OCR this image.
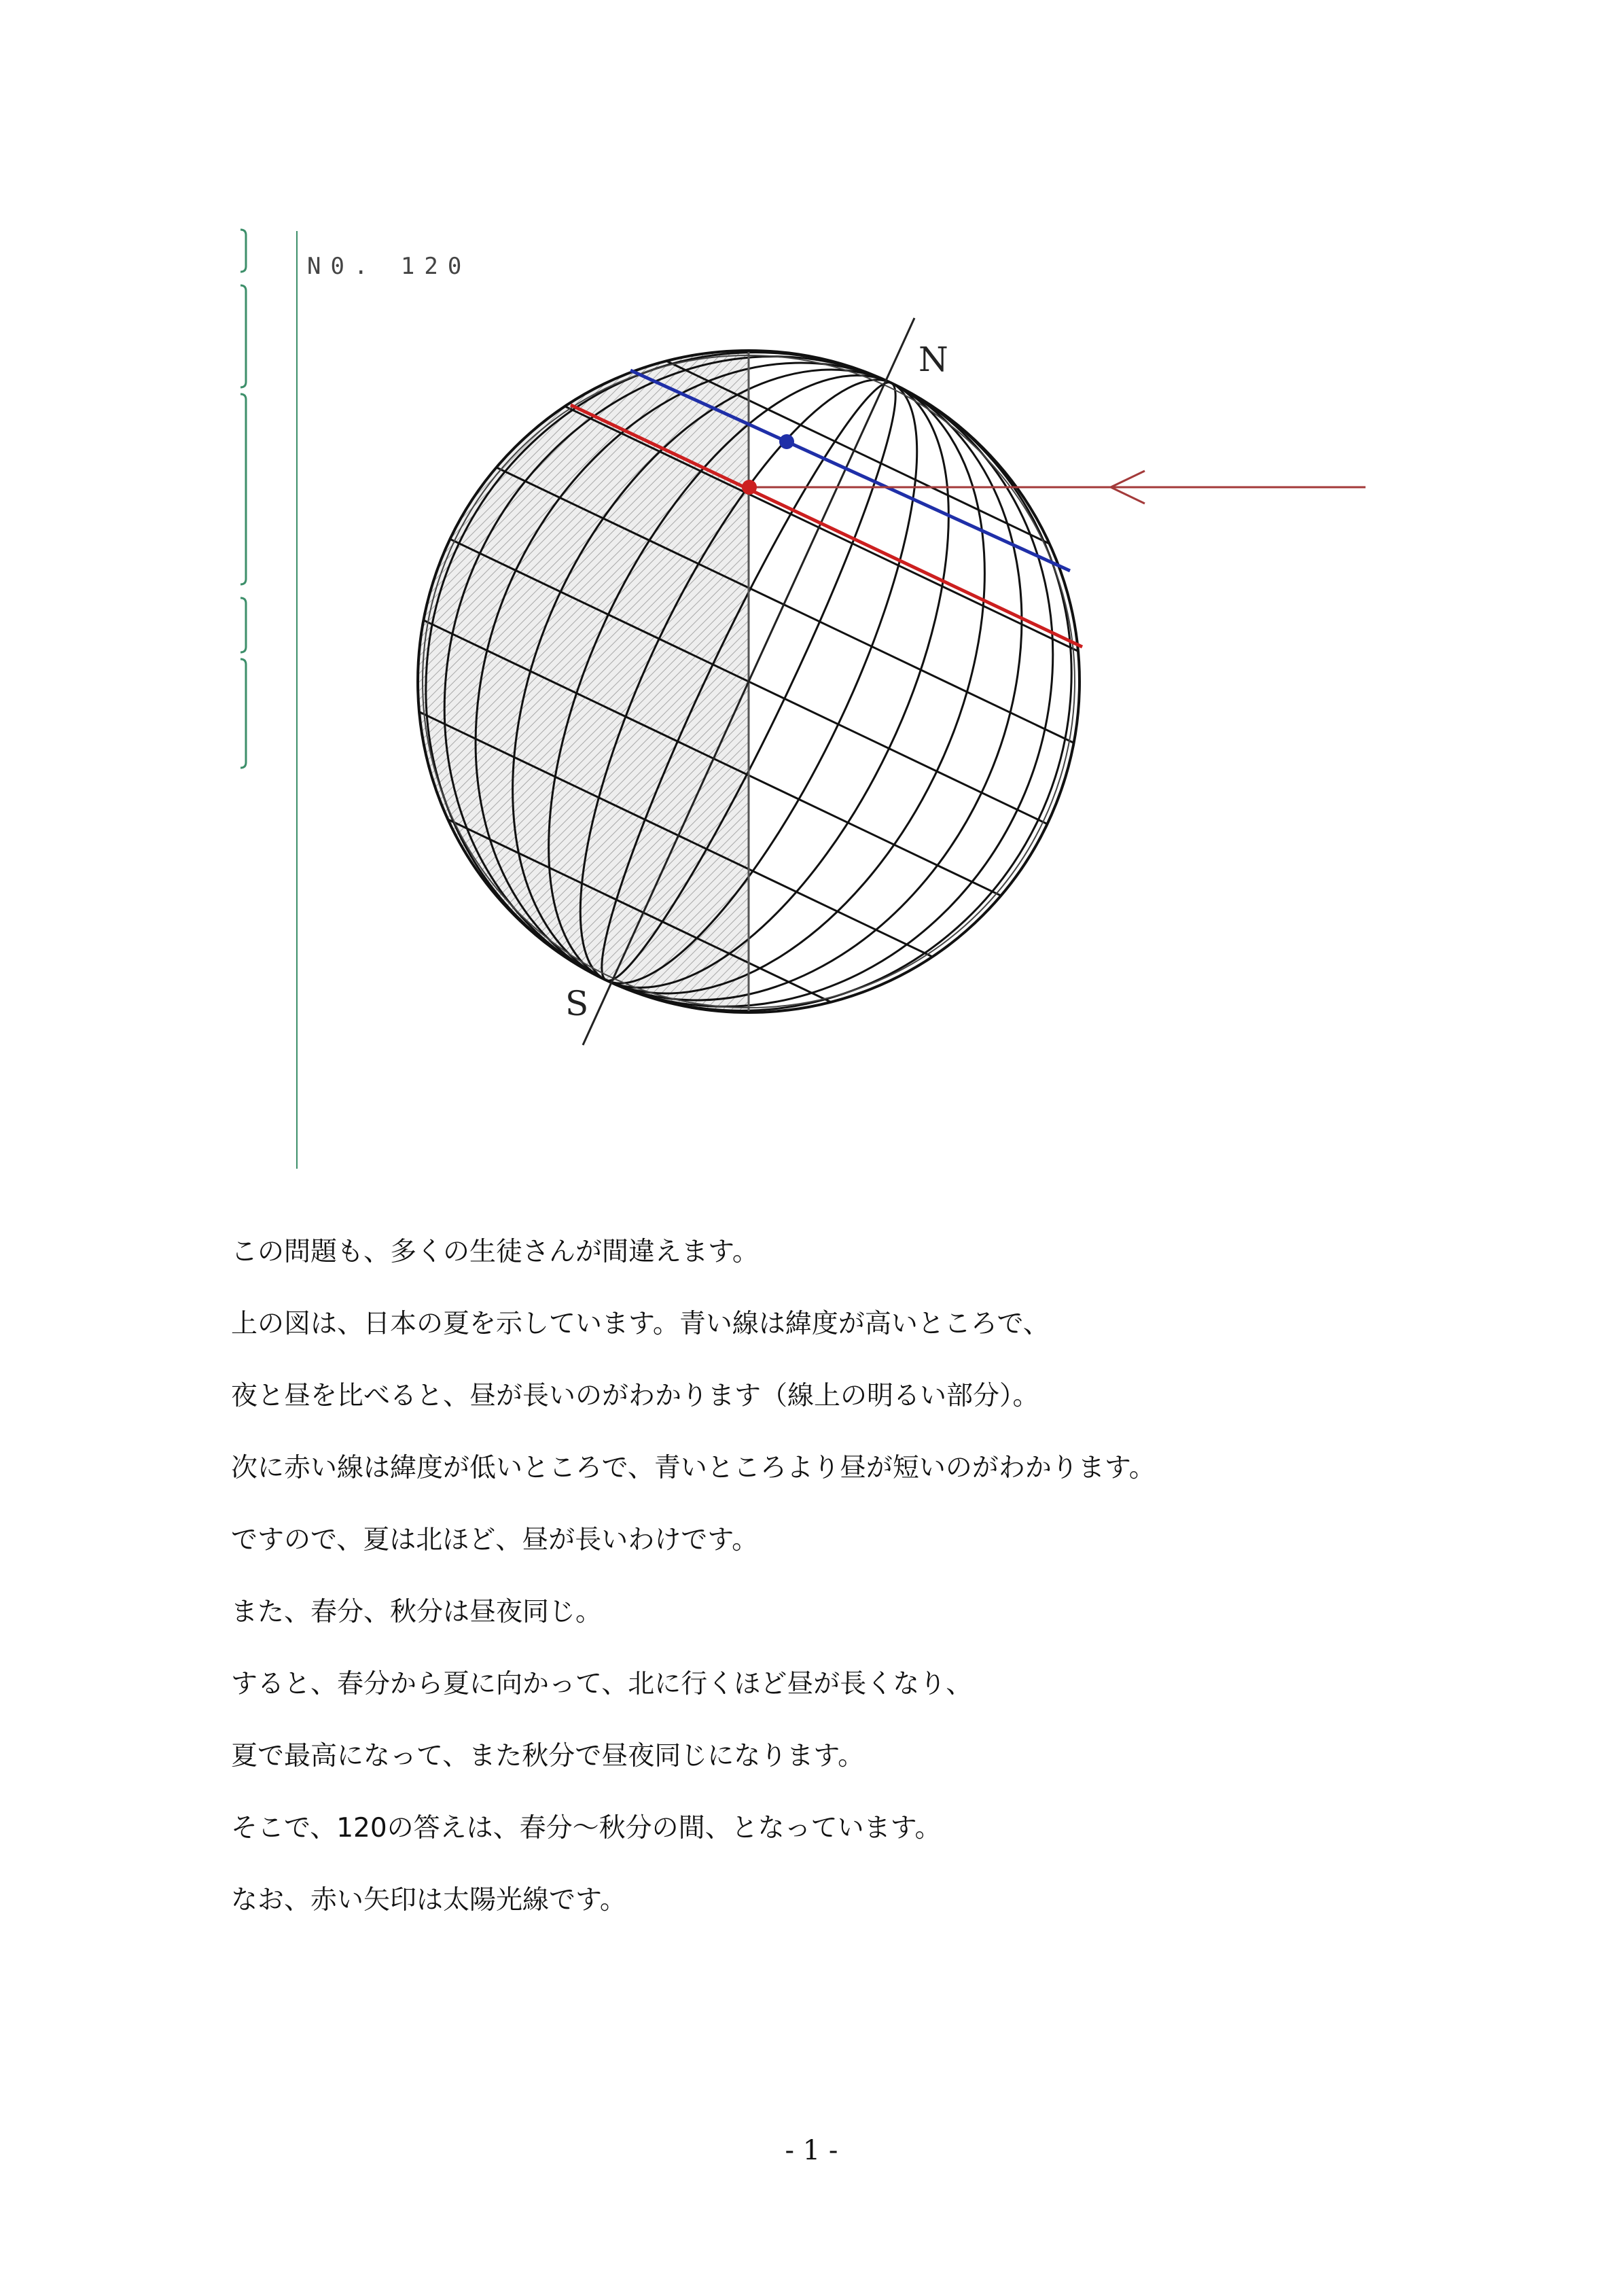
N0. 120
N
S

この問題も、多くの生徒さんが間違えます。

上の図は、日本の夏を示しています。青い線は緯度が高いところで、

夜と昼を比べると、昼が長いのがわかります（線上の明るい部分）。

次に赤い線は緯度が低いところで、青いところより昼が短いのがわかります。

ですので、夏は北ほど、昼が長いわけです。

また、春分、秋分は昼夜同じ。

すると、春分から夏に向かって、北に行くほど昼が長くなり、

夏で最高になって、また秋分で昼夜同じになります。

そこで、120の答えは、春分～秋分の間、となっています。

なお、赤い矢印は太陽光線です。

- 1 -
